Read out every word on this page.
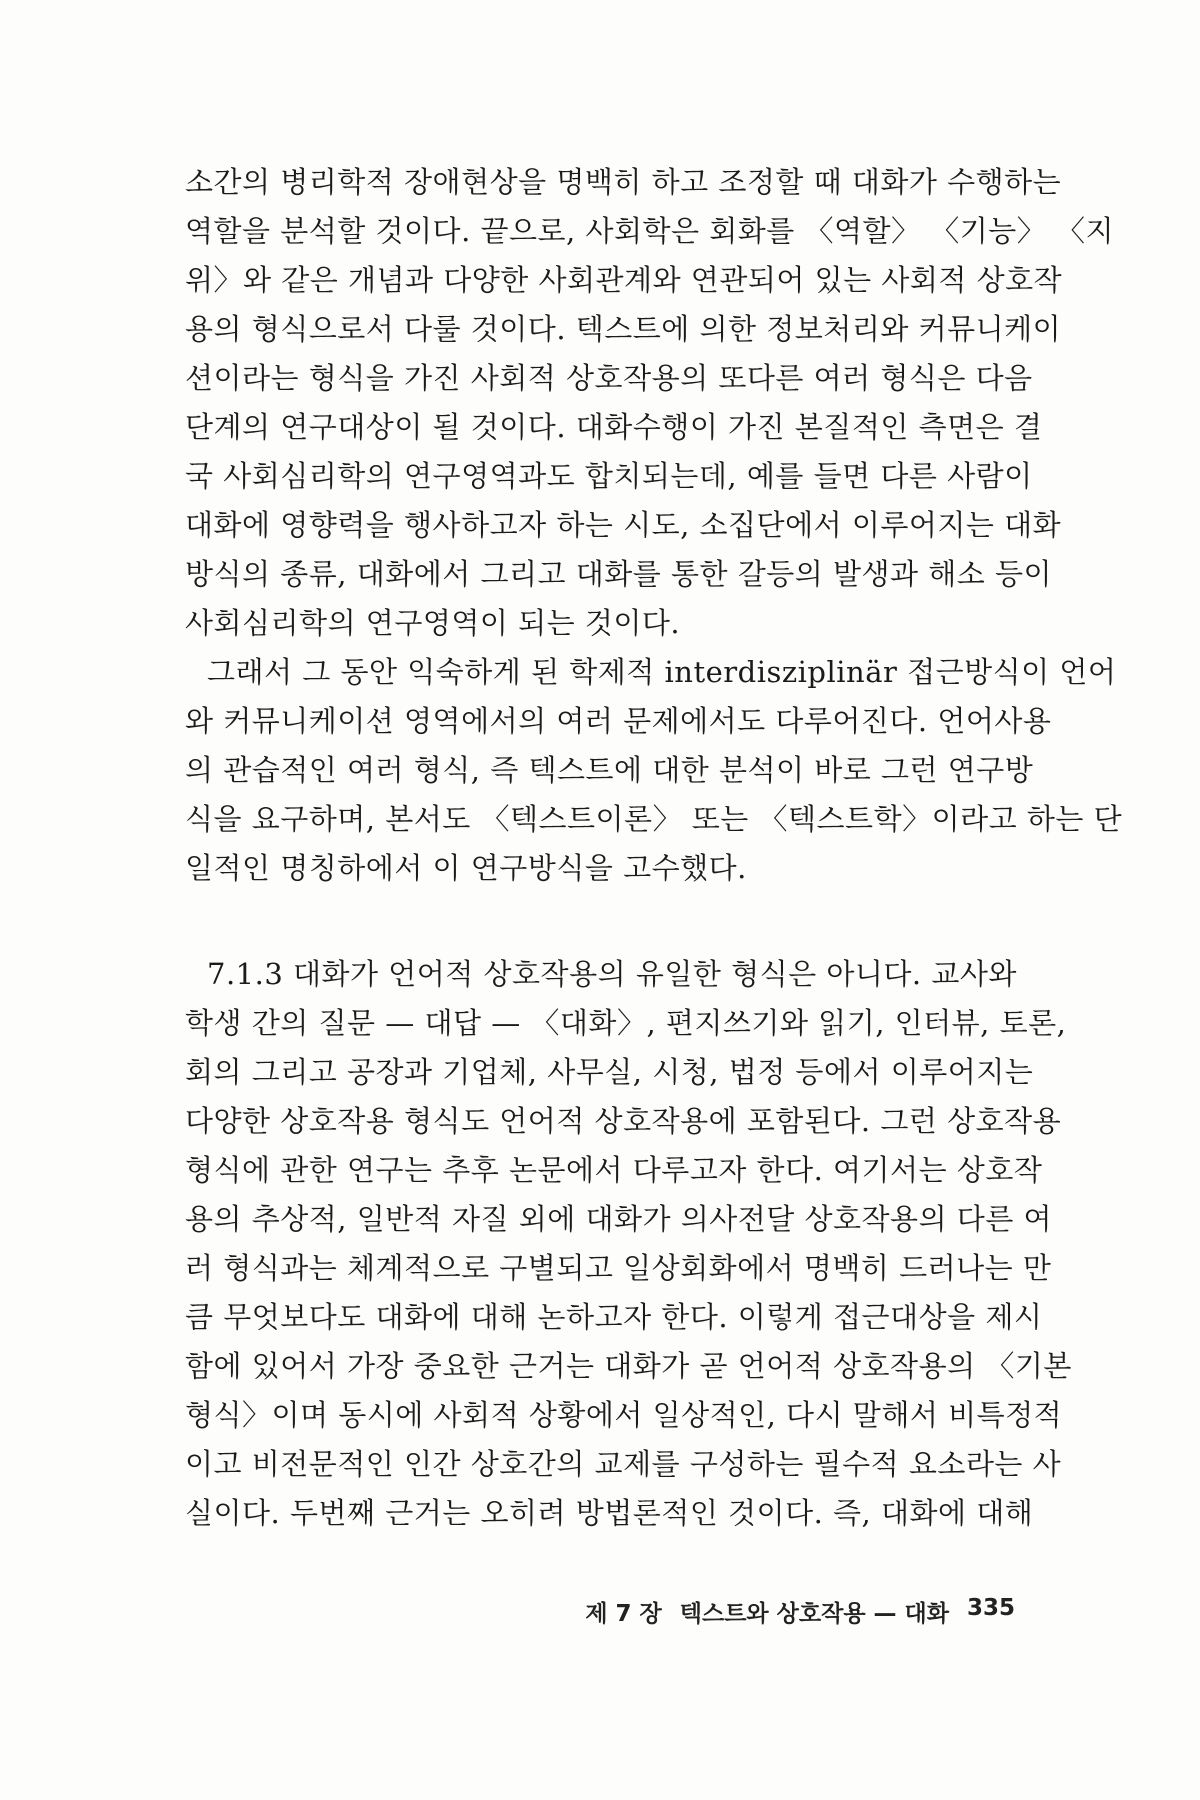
소간의 병리학적 장애현상을 명백히 하고 조정할 때 대화가 수행하는
역할을 분석할 것이다. 끝으로, 사회학은 회화를 〈역할〉 〈기능〉 〈지
위〉와 같은 개념과 다양한 사회관계와 연관되어 있는 사회적 상호작
용의 형식으로서 다룰 것이다. 텍스트에 의한 정보처리와 커뮤니케이
션이라는 형식을 가진 사회적 상호작용의 또다른 여러 형식은 다음
단계의 연구대상이 될 것이다. 대화수행이 가진 본질적인 측면은 결
국 사회심리학의 연구영역과도 합치되는데, 예를 들면 다른 사람이
대화에 영향력을 행사하고자 하는 시도, 소집단에서 이루어지는 대화
방식의 종류, 대화에서 그리고 대화를 통한 갈등의 발생과 해소 등이
사회심리학의 연구영역이 되는 것이다.
그래서 그 동안 익숙하게 된 학제적 interdisziplinär 접근방식이 언어
와 커뮤니케이션 영역에서의 여러 문제에서도 다루어진다. 언어사용
의 관습적인 여러 형식, 즉 텍스트에 대한 분석이 바로 그런 연구방
식을 요구하며, 본서도 〈텍스트이론〉 또는 〈텍스트학〉이라고 하는 단
일적인 명칭하에서 이 연구방식을 고수했다.
7.1.3 대화가 언어적 상호작용의 유일한 형식은 아니다. 교사와
학생 간의 질문 — 대답 — 〈대화〉, 편지쓰기와 읽기, 인터뷰, 토론,
회의 그리고 공장과 기업체, 사무실, 시청, 법정 등에서 이루어지는
다양한 상호작용 형식도 언어적 상호작용에 포함된다. 그런 상호작용
형식에 관한 연구는 추후 논문에서 다루고자 한다. 여기서는 상호작
용의 추상적, 일반적 자질 외에 대화가 의사전달 상호작용의 다른 여
러 형식과는 체계적으로 구별되고 일상회화에서 명백히 드러나는 만
큼 무엇보다도 대화에 대해 논하고자 한다. 이렇게 접근대상을 제시
함에 있어서 가장 중요한 근거는 대화가 곧 언어적 상호작용의 〈기본
형식〉이며 동시에 사회적 상황에서 일상적인, 다시 말해서 비특정적
이고 비전문적인 인간 상호간의 교제를 구성하는 필수적 요소라는 사
실이다. 두번째 근거는 오히려 방법론적인 것이다. 즉, 대화에 대해
제 7 장 텍스트와 상호작용 — 대화 335
